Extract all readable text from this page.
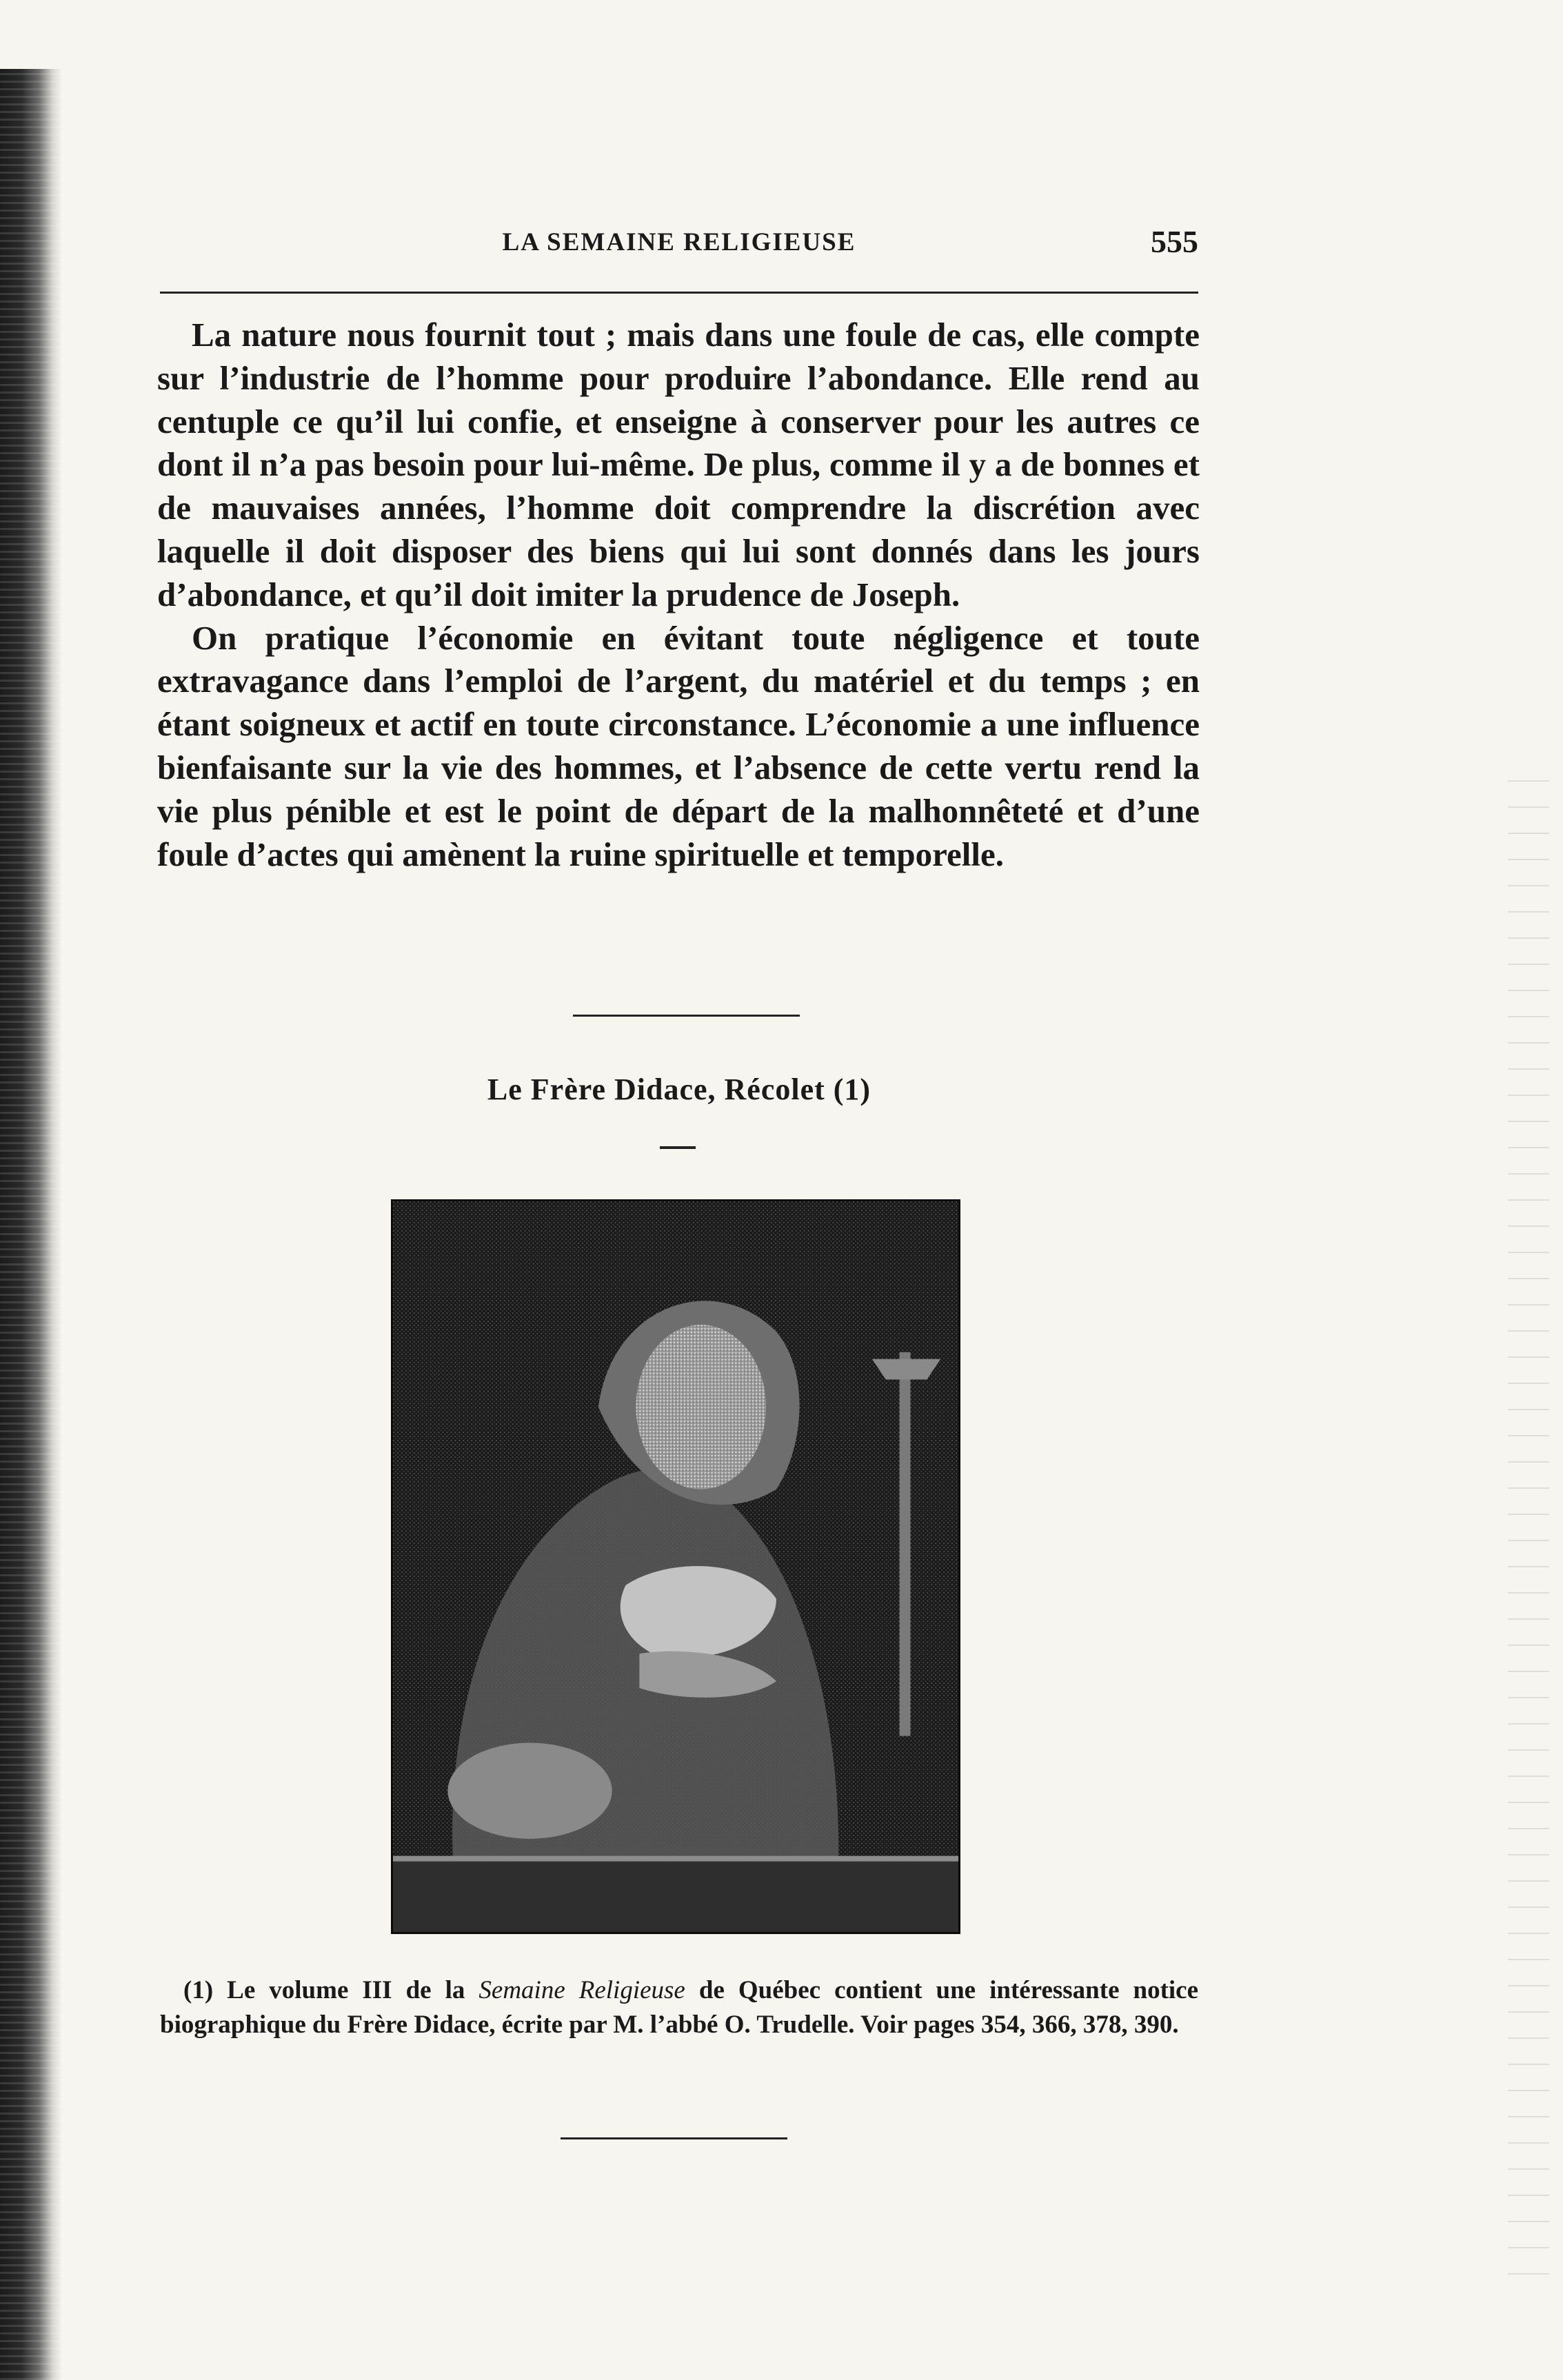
LA SEMAINE RELIGIEUSE	555

La nature nous fournit tout ; mais dans une foule de cas, elle compte sur l’industrie de l’homme pour produire l’abondance. Elle rend au centuple ce qu’il lui confie, et enseigne à conserver pour les autres ce dont il n’a pas besoin pour lui-même. De plus, comme il y a de bonnes et de mauvaises années, l’homme doit comprendre la discrétion avec laquelle il doit disposer des biens qui lui sont donnés dans les jours d’abondance, et qu’il doit imiter la prudence de Joseph.

On pratique l’économie en évitant toute négligence et toute extravagance dans l’emploi de l’argent, du matériel et du temps ; en étant soigneux et actif en toute circonstance. L’économie a une influence bienfaisante sur la vie des hommes, et l’absence de cette vertu rend la vie plus pénible et est le point de départ de la malhonnêteté et d’une foule d’actes qui amènent la ruine spirituelle et temporelle.

Le Frère Didace, Récolet (1)
(1) Le volume III de la Semaine Religieuse de Québec contient une intéressante notice biographique du Frère Didace, écrite par M. l’abbé O. Trudelle. Voir pages 354, 366, 378, 390.
